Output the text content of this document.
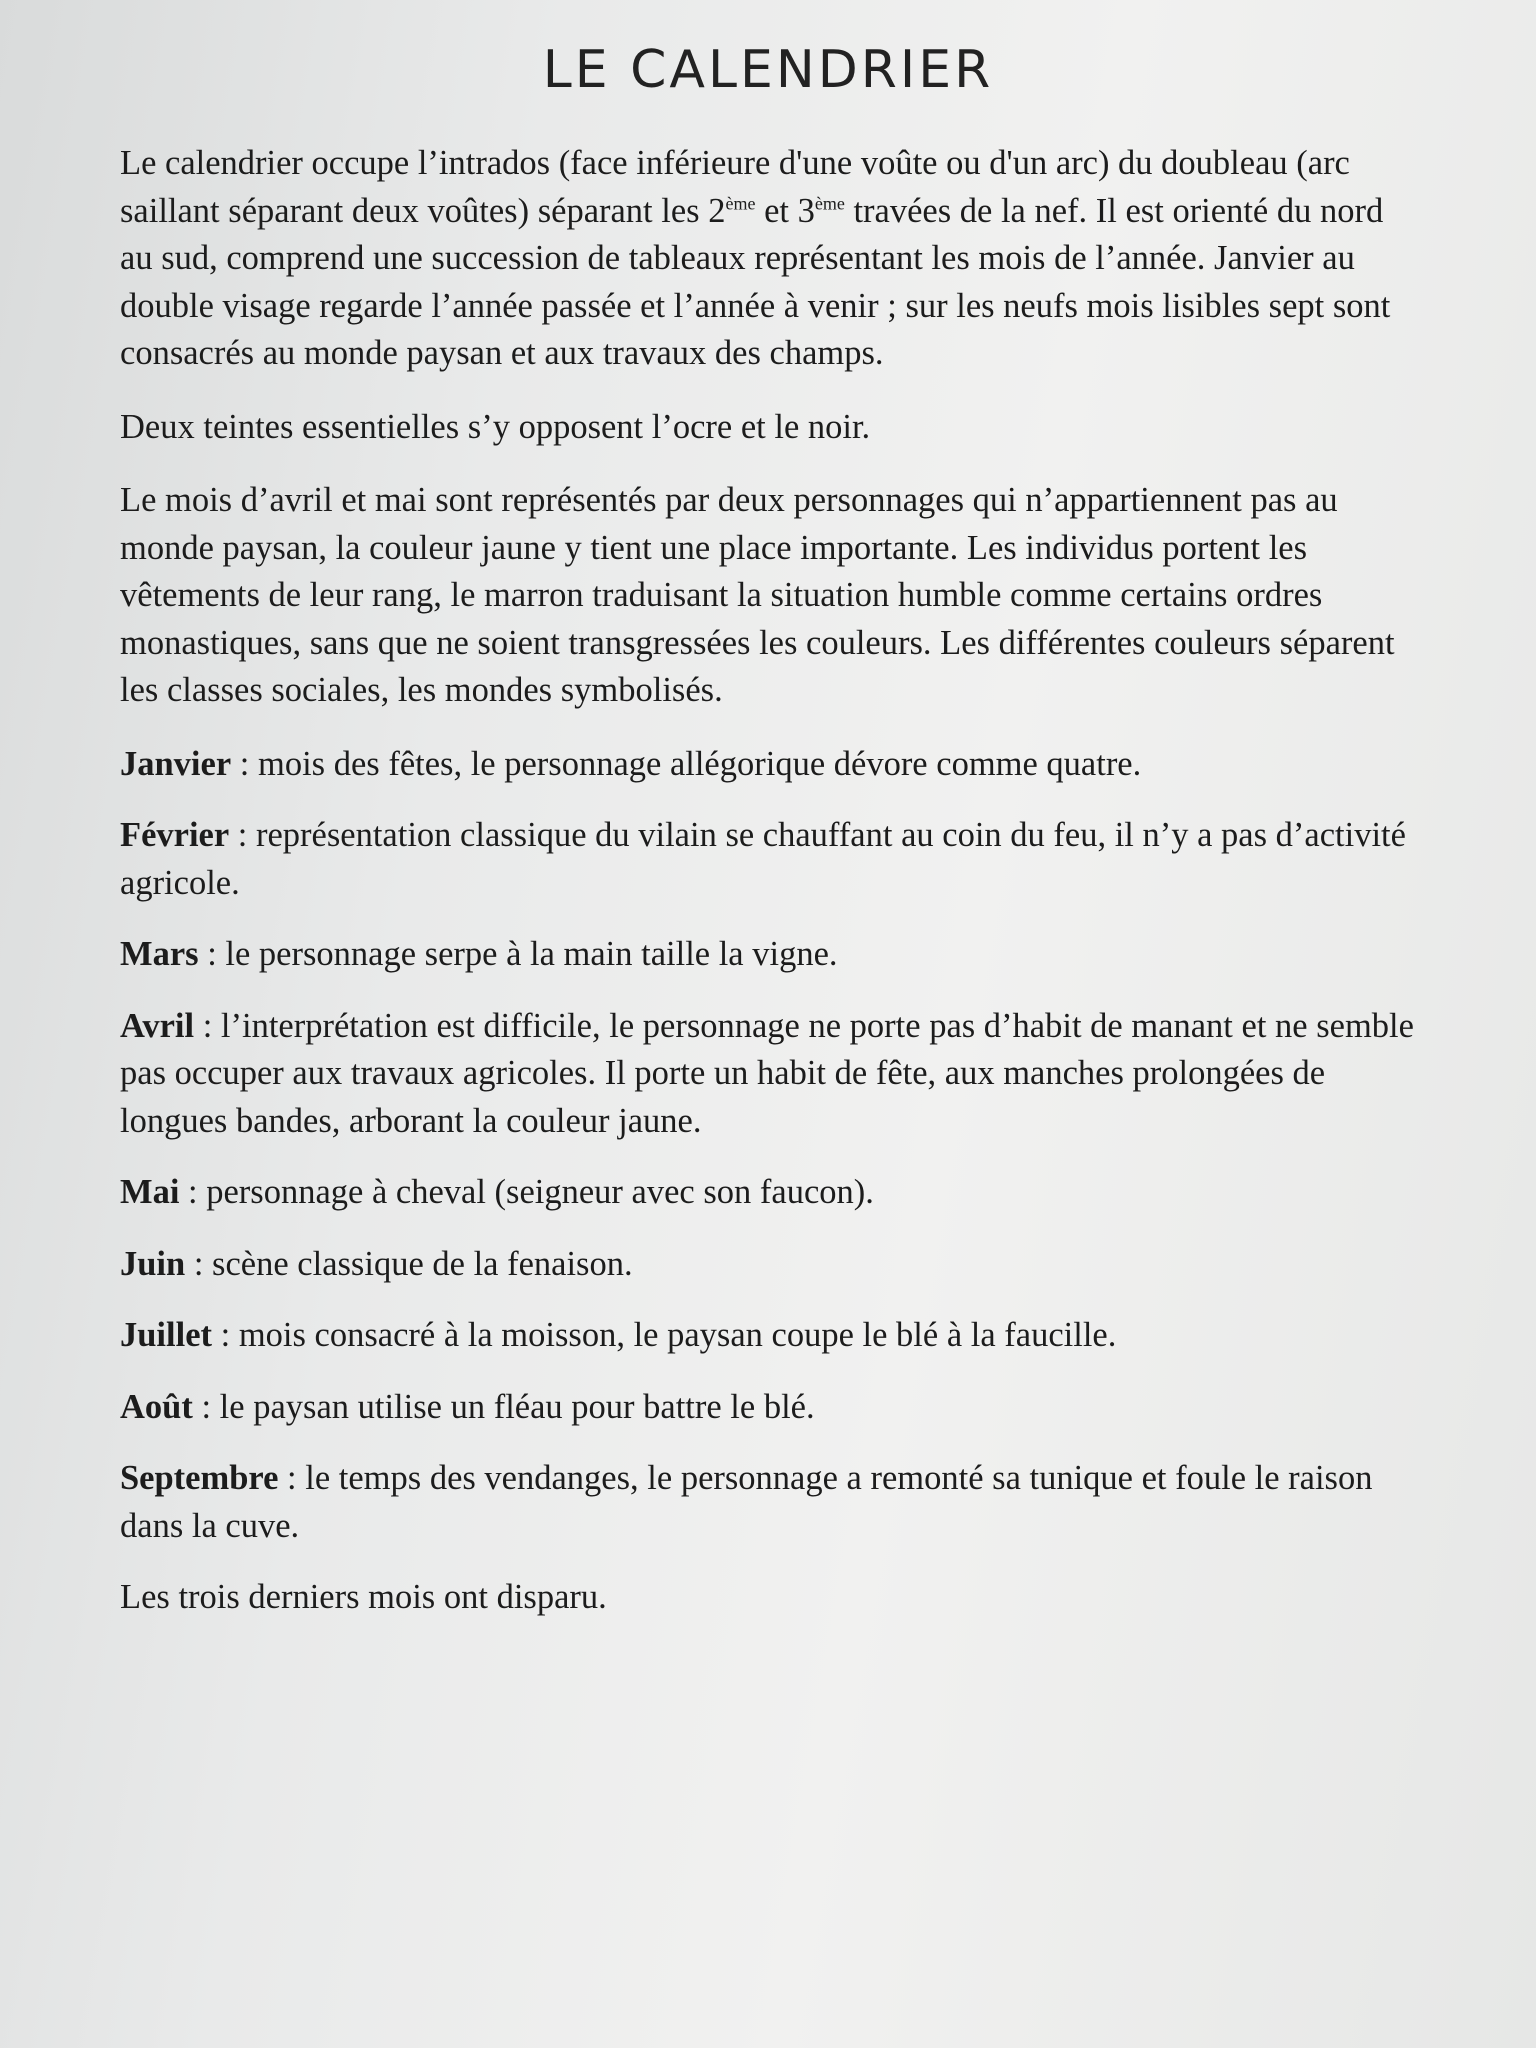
LE CALENDRIER

Le calendrier occupe l’intrados (face inférieure d'une voûte ou d'un arc) du doubleau (arc saillant séparant deux voûtes) séparant les 2ème et 3ème travées de la nef. Il est orienté du nord au sud, comprend une succession de tableaux représentant les mois de l’année. Janvier au double visage regarde l’année passée et l’année à venir ; sur les neufs mois lisibles sept sont consacrés au monde paysan et aux travaux des champs.

Deux teintes essentielles s’y opposent l’ocre et le noir.

Le mois d’avril et mai sont représentés par deux personnages qui n’appartiennent pas au monde paysan, la couleur jaune y tient une place importante. Les individus portent les vêtements de leur rang, le marron traduisant la situation humble comme certains ordres monastiques, sans que ne soient transgressées les couleurs. Les différentes couleurs séparent les classes sociales, les mondes symbolisés.

Janvier : mois des fêtes, le personnage allégorique dévore comme quatre.

Février : représentation classique du vilain se chauffant au coin du feu, il n’y a pas d’activité agricole.

Mars : le personnage serpe à la main taille la vigne.

Avril : l’interprétation est difficile, le personnage ne porte pas d’habit de manant et ne semble pas occuper aux travaux agricoles. Il porte un habit de fête, aux manches prolongées de longues bandes, arborant la couleur jaune.

Mai : personnage à cheval (seigneur avec son faucon).

Juin : scène classique de la fenaison.

Juillet : mois consacré à la moisson, le paysan coupe le blé à la faucille.

Août : le paysan utilise un fléau pour battre le blé.

Septembre : le temps des vendanges, le personnage a remonté sa tunique et foule le raison dans la cuve.

Les trois derniers mois ont disparu.
